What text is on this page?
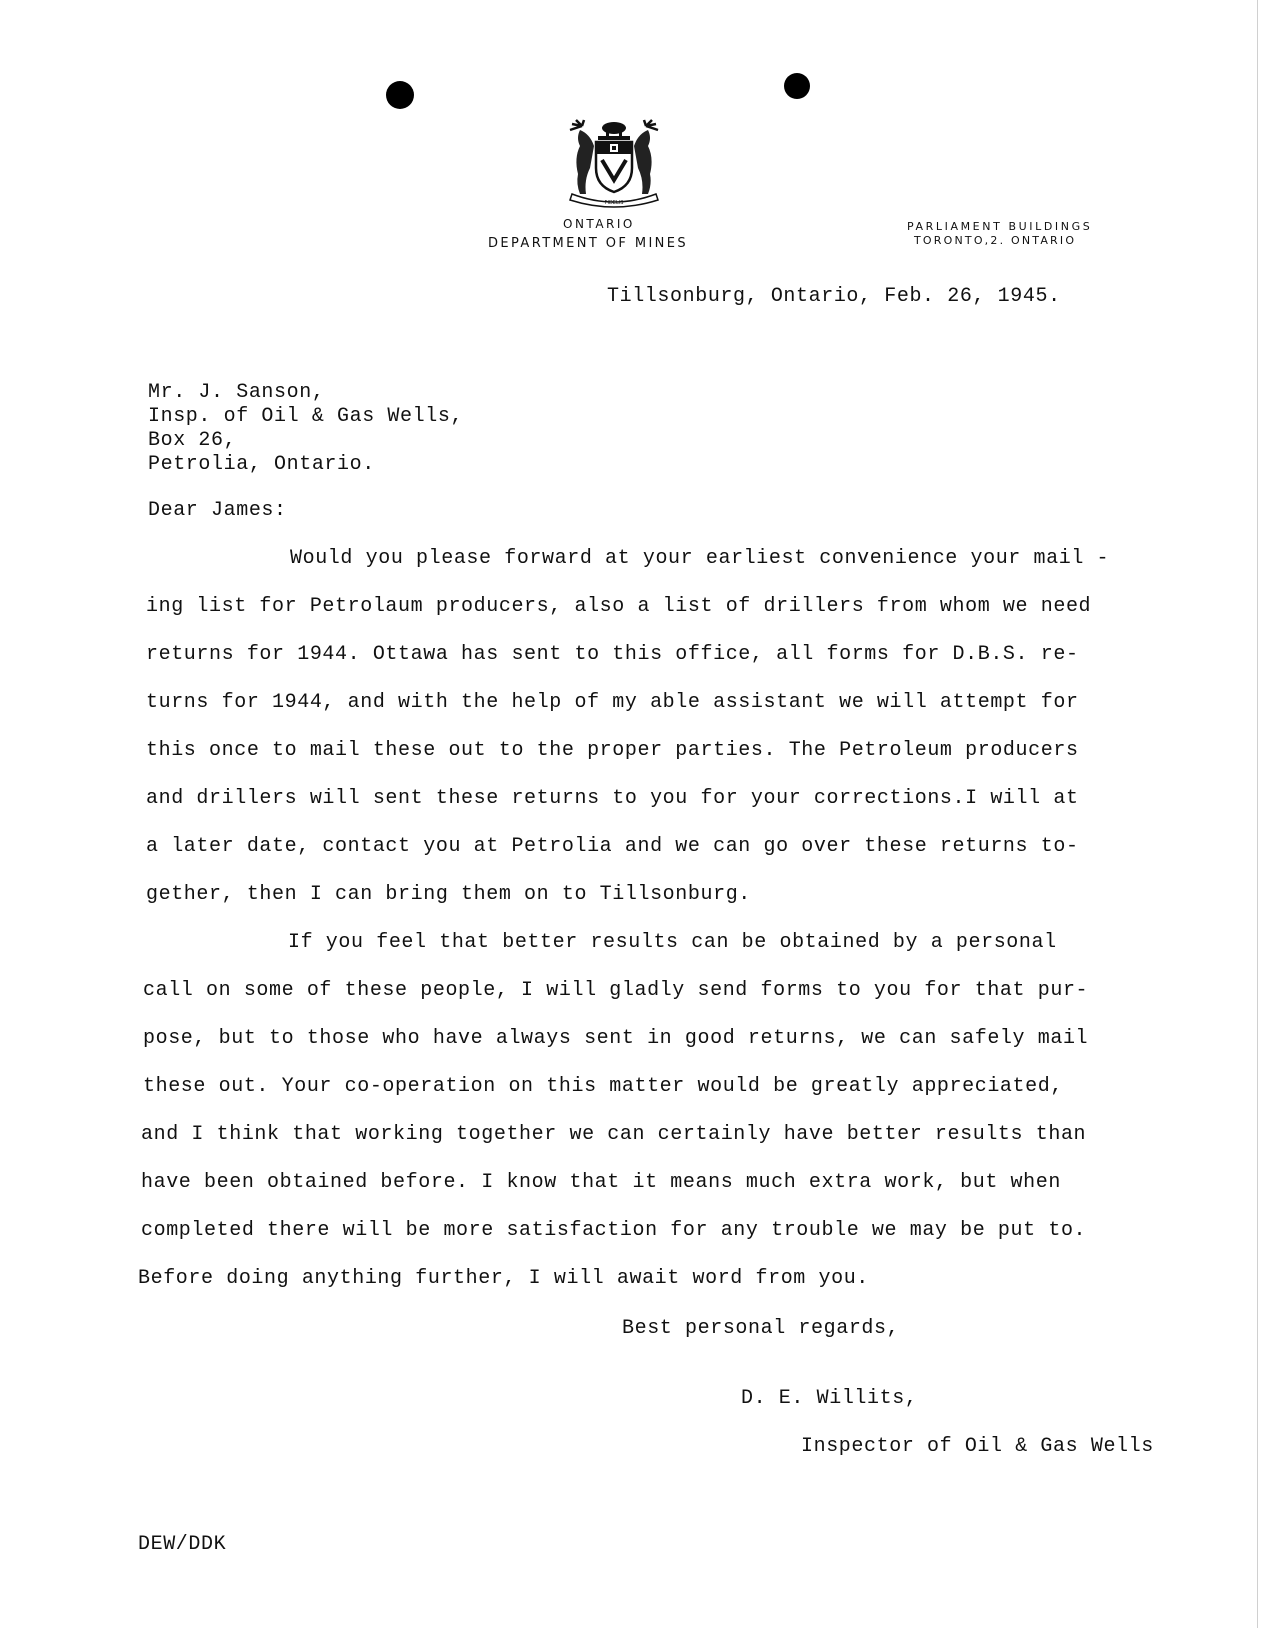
FIDELIS
ONTARIO
DEPARTMENT OF MINES
PARLIAMENT BUILDINGS
TORONTO,2. ONTARIO
Tillsonburg, Ontario, Feb. 26, 1945.
Mr. J. Sanson,
Insp. of Oil & Gas Wells,
Box 26,
Petrolia, Ontario.
Dear James:
Would you please forward at your earliest convenience your mail -
ing list for Petrolaum producers, also a list of drillers from whom we need
returns for 1944. Ottawa has sent to this office, all forms for D.B.S. re-
turns for 1944, and with the help of my able assistant we will attempt for
this once to mail these out to the proper parties. The Petroleum producers
and drillers will sent these returns to you for your corrections.I will at
a later date, contact you at Petrolia and we can go over these returns to-
gether, then I can bring them on to Tillsonburg.
If you feel that better results can be obtained by a personal
call on some of these people, I will gladly send forms to you for that pur-
pose, but to those who have always sent in good returns, we can safely mail
these out. Your co-operation on this matter would be greatly appreciated,
and I think that working together we can certainly have better results than
have been obtained before. I know that it means much extra work, but when
completed there will be more satisfaction for any trouble we may be put to.
Before doing anything further, I will await word from you.
Best personal regards,
D. E. Willits,
Inspector of Oil & Gas Wells
DEW/DDK
